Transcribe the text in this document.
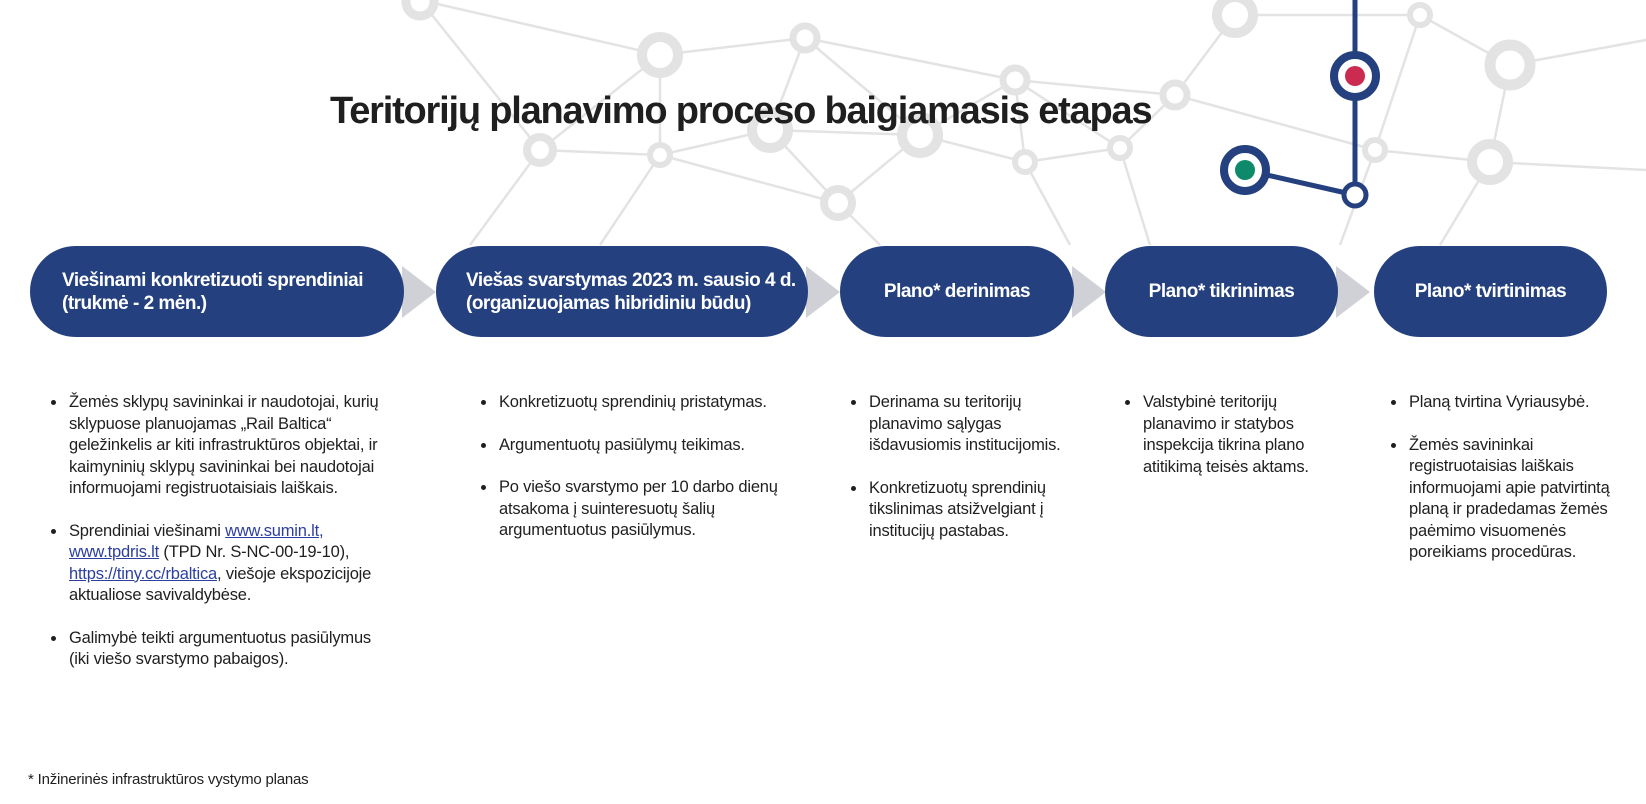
Teritorijų planavimo proceso baigiamasis etapas
Viešinami konkretizuoti sprendiniai
(trukmė - 2 mėn.)
Viešas svarstymas 2023 m. sausio 4 d.
(organizuojamas hibridiniu būdu)
Plano* derinimas	Plano* tikrinimas	Plano* tvirtinimas
• Žemės sklypų savininkai ir naudotojai, kurių sklypuose planuojamas „Rail Baltica“ geležinkelis ar kiti infrastruktūros objektai, ir kaimyninių sklypų savininkai bei naudotojai informuojami registruotaisiais laiškais.
• Sprendiniai viešinami www.sumin.lt, www.tpdris.lt (TPD Nr. S-NC-00-19-10), https://tiny.cc/rbaltica, viešoje ekspozicijoje aktualiose savivaldybėse.
• Galimybė teikti argumentuotus pasiūlymus (iki viešo svarstymo pabaigos).
• Konkretizuotų sprendinių pristatymas.
• Argumentuotų pasiūlymų teikimas.
• Po viešo svarstymo per 10 darbo dienų atsakoma į suinteresuotų šalių argumentuotus pasiūlymus.
• Derinama su teritorijų planavimo sąlygas išdavusiomis institucijomis.
• Konkretizuotų sprendinių tikslinimas atsižvelgiant į institucijų pastabas.
• Valstybinė teritorijų planavimo ir statybos inspekcija tikrina plano atitikimą teisės aktams.
• Planą tvirtina Vyriausybė.
• Žemės savininkai registruotaisias laiškais informuojami apie patvirtintą planą ir pradedamas žemės paėmimo visuomenės poreikiams procedūras.
* Inžinerinės infrastruktūros vystymo planas
